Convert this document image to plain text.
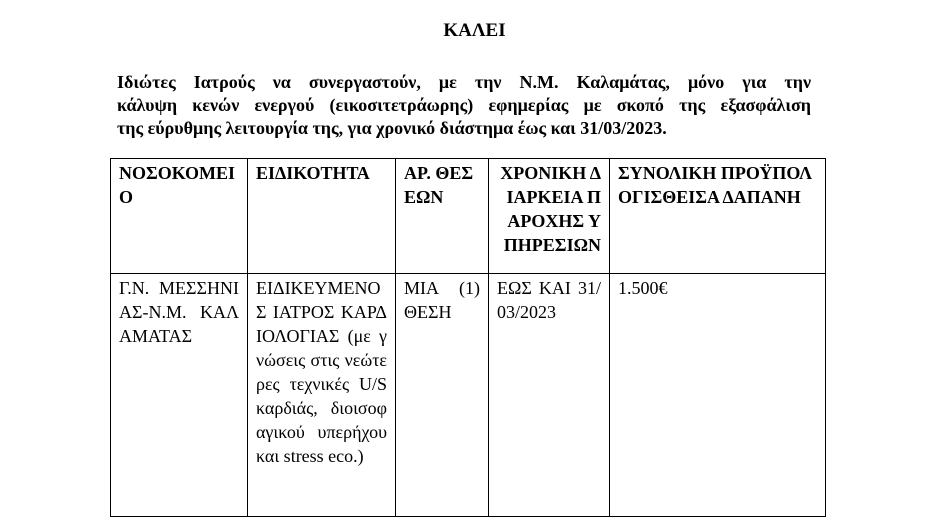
ΚΑΛΕΙ
Ιδιώτες Ιατρούς να συνεργαστούν, με την Ν.Μ. Καλαμάτας, μόνο για την
κάλυψη κενών ενεργού (εικοσιτετράωρης) εφημερίας με σκοπό της εξασφάλιση
της εύρυθμης λειτουργία της, για χρονικό διάστημα έως και 31/03/2023.
ΝΟΣΟΚΟΜΕΙΟ	ΕΙΔΙΚΟΤΗΤΑ	ΑΡ. ΘΕΣΕΩΝ	ΧΡΟΝΙΚΗ ΔΙΑΡΚΕΙΑ ΠΑΡΟΧΗΣ ΥΠΗΡΕΣΙΩΝ	ΣΥΝΟΛΙΚΗ ΠΡΟΫΠΟΛΟΓΙΣΘΕΙΣΑ ΔΑΠΑΝΗ
Γ.Ν. ΜΕΣΣΗΝΙΑΣ-Ν.Μ. ΚΑΛΑΜΑΤΑΣ	ΕΙΔΙΚΕΥΜΕΝΟΣ ΙΑΤΡΟΣ ΚΑΡΔΙΟΛΟΓΙΑΣ (με γνώσεις στις νεώτερες τεχνικές U/S καρδιάς, διοισοφαγικού υπερήχου και stress eco.)	ΜΙΑ (1) ΘΕΣΗ	ΕΩΣ ΚΑΙ 31/03/2023	1.500€
